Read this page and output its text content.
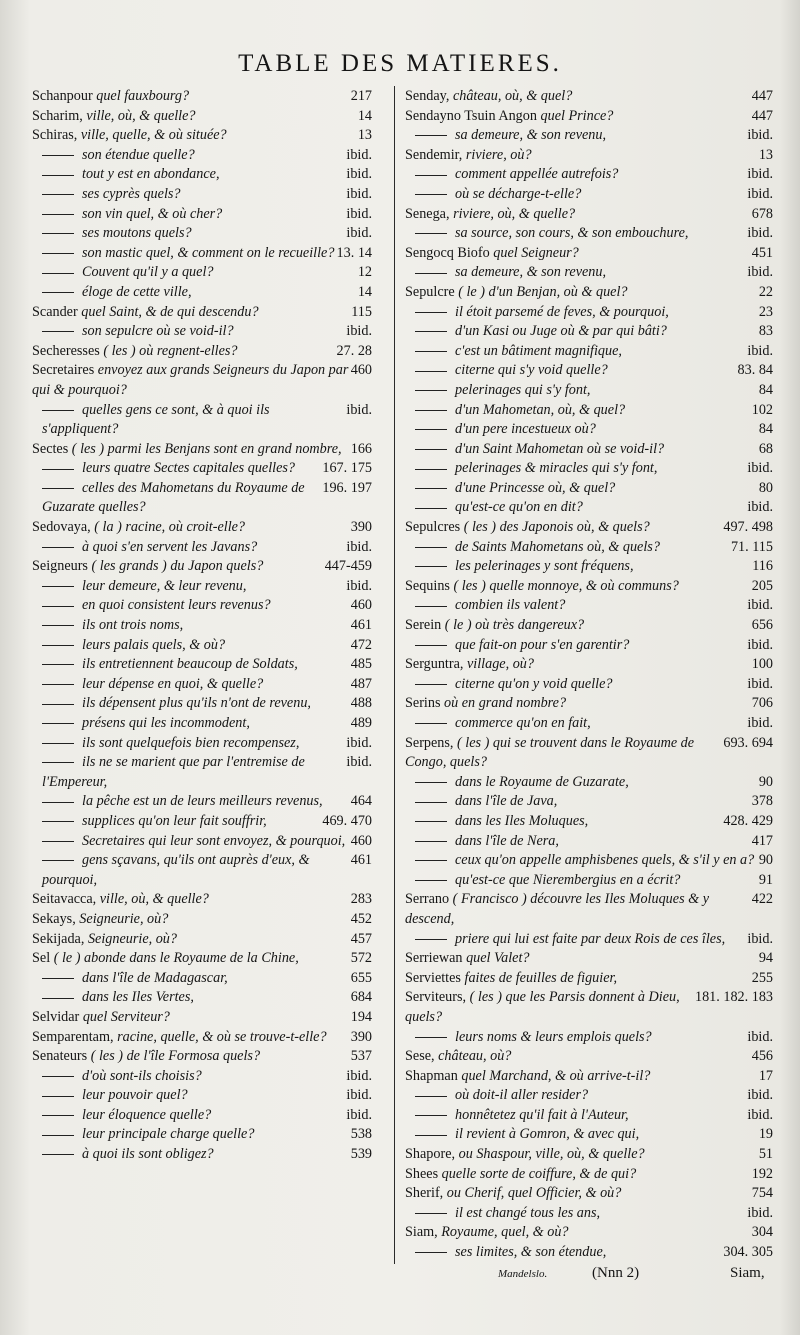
TABLE DES MATIERES.
217
Schanpour quel fauxbourg?
14
Scharim, ville, où, & quelle?
13
Schiras, ville, quelle, & où située?
ibid.
son étendue quelle?
ibid.
tout y est en abondance,
ibid.
ses cyprès quels?
ibid.
son vin quel, & où cher?
ibid.
ses moutons quels?
13. 14
son mastic quel, & comment on le recueille?
12
Couvent qu'il y a quel?
14
éloge de cette ville,
115
Scander quel Saint, & de qui descendu?
ibid.
son sepulcre où se void-il?
27. 28
Secheresses ( les ) où regnent-elles?
460
Secretaires envoyez aux grands Seigneurs du Japon par qui & pourquoi?
ibid.
quelles gens ce sont, & à quoi ils s'appliquent?
166
Sectes ( les ) parmi les Benjans sont en grand nombre,
167. 175
leurs quatre Sectes capitales quelles?
196. 197
celles des Mahometans du Royaume de Guzarate quelles?
390
Sedovaya, ( la ) racine, où croit-elle?
ibid.
à quoi s'en servent les Javans?
447-459
Seigneurs ( les grands ) du Japon quels?
ibid.
leur demeure, & leur revenu,
460
en quoi consistent leurs revenus?
461
ils ont trois noms,
472
leurs palais quels, & où?
485
ils entretiennent beaucoup de Soldats,
487
leur dépense en quoi, & quelle?
488
ils dépensent plus qu'ils n'ont de revenu,
489
présens qui les incommodent,
ibid.
ils sont quelquefois bien recompensez,
ibid.
ils ne se marient que par l'entremise de l'Empereur,
464
la pêche est un de leurs meilleurs revenus,
469. 470
supplices qu'on leur fait souffrir,
460
Secretaires qui leur sont envoyez, & pourquoi,
461
gens sçavans, qu'ils ont auprès d'eux, & pourquoi,
283
Seitavacca, ville, où, & quelle?
452
Sekays, Seigneurie, où?
457
Sekijada, Seigneurie, où?
572
Sel ( le ) abonde dans le Royaume de la Chine,
655
dans l'île de Madagascar,
684
dans les Iles Vertes,
194
Selvidar quel Serviteur?
390
Semparentam, racine, quelle, & où se trouve-t-elle?
537
Senateurs ( les ) de l'île Formosa quels?
ibid.
d'où sont-ils choisis?
ibid.
leur pouvoir quel?
ibid.
leur éloquence quelle?
538
leur principale charge quelle?
539
à quoi ils sont obligez?
447
Senday, château, où, & quel?
447
Sendayno Tsuin Angon quel Prince?
ibid.
sa demeure, & son revenu,
13
Sendemir, riviere, où?
ibid.
comment appellée autrefois?
ibid.
où se décharge-t-elle?
678
Senega, riviere, où, & quelle?
ibid.
sa source, son cours, & son embouchure,
451
Sengocq Biofo quel Seigneur?
ibid.
sa demeure, & son revenu,
22
Sepulcre ( le ) d'un Benjan, où & quel?
23
il étoit parsemé de feves, & pourquoi,
83
d'un Kasi ou Juge où & par qui bâti?
ibid.
c'est un bâtiment magnifique,
83. 84
citerne qui s'y void quelle?
84
pelerinages qui s'y font,
102
d'un Mahometan, où, & quel?
84
d'un pere incestueux où?
68
d'un Saint Mahometan où se void-il?
ibid.
pelerinages & miracles qui s'y font,
80
d'une Princesse où, & quel?
ibid.
qu'est-ce qu'on en dit?
497. 498
Sepulcres ( les ) des Japonois où, & quels?
71. 115
de Saints Mahometans où, & quels?
116
les pelerinages y sont fréquens,
205
Sequins ( les ) quelle monnoye, & où communs?
ibid.
combien ils valent?
656
Serein ( le ) où très dangereux?
ibid.
que fait-on pour s'en garentir?
100
Serguntra, village, où?
ibid.
citerne qu'on y void quelle?
706
Serins où en grand nombre?
ibid.
commerce qu'on en fait,
693. 694
Serpens, ( les ) qui se trouvent dans le Royaume de Congo, quels?
90
dans le Royaume de Guzarate,
378
dans l'île de Java,
428. 429
dans les Iles Moluques,
417
dans l'île de Nera,
90
ceux qu'on appelle amphisbenes quels, & s'il y en a?
91
qu'est-ce que Nierembergius en a écrit?
422
Serrano ( Francisco ) découvre les Iles Moluques & y descend,
ibid.
priere qui lui est faite par deux Rois de ces îles,
94
Serriewan quel Valet?
255
Serviettes faites de feuilles de figuier,
181. 182. 183
Serviteurs, ( les ) que les Parsis donnent à Dieu, quels?
ibid.
leurs noms & leurs emplois quels?
456
Sese, château, où?
17
Shapman quel Marchand, & où arrive-t-il?
ibid.
où doit-il aller resider?
ibid.
honnêtetez qu'il fait à l'Auteur,
19
il revient à Gomron, & avec qui,
51
Shapore, ou Shaspour, ville, où, & quelle?
192
Shees quelle sorte de coiffure, & de qui?
754
Sherif, ou Cherif, quel Officier, & où?
ibid.
il est changé tous les ans,
304
Siam, Royaume, quel, & où?
304. 305
ses limites, & son étendue,
Mandelslo.	(Nnn 2)	Siam,
